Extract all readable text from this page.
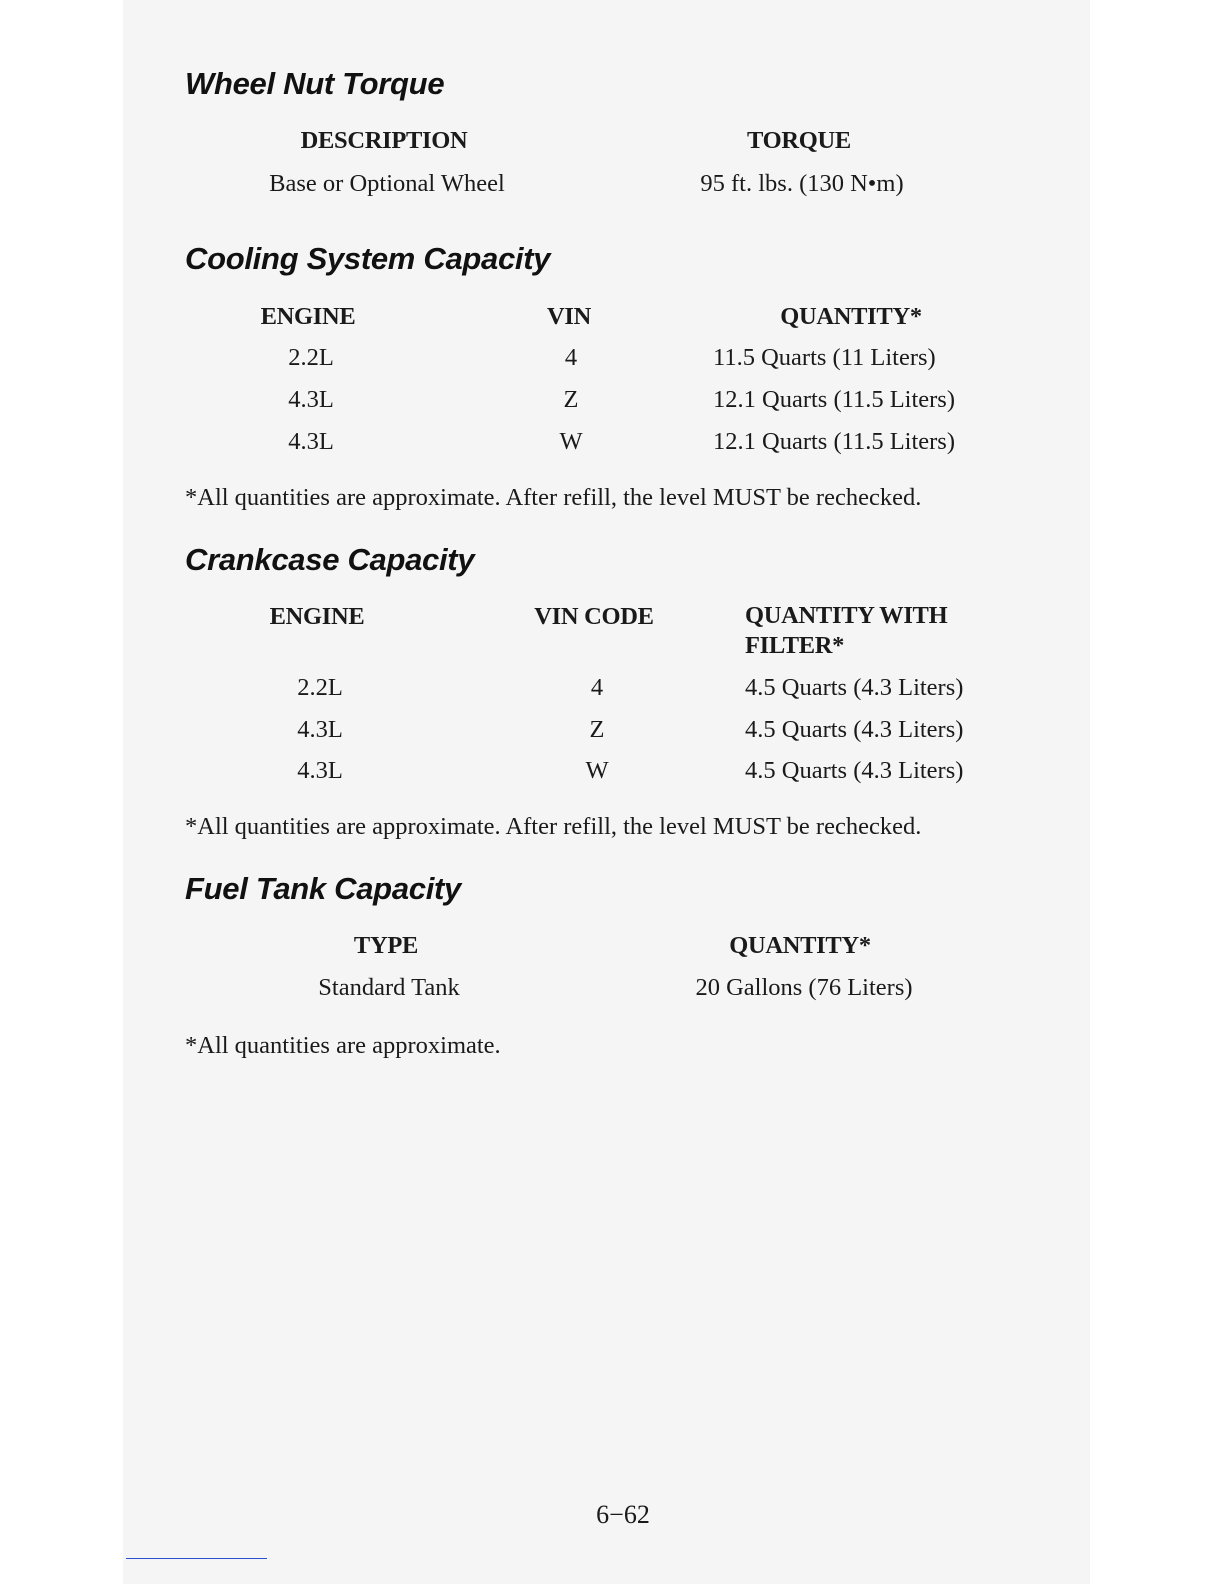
Wheel Nut Torque
DESCRIPTION	TORQUE
Base or Optional Wheel	95 ft. lbs. (130 N•m)
Cooling System Capacity
ENGINE	VIN	QUANTITY*
2.2L	4	11.5 Quarts (11 Liters)
4.3L	Z	12.1 Quarts (11.5 Liters)
4.3L	W	12.1 Quarts (11.5 Liters)
*All quantities are approximate. After refill, the level MUST be rechecked.
Crankcase Capacity
ENGINE	VIN CODE	QUANTITY WITH
FILTER*
2.2L	4	4.5 Quarts (4.3 Liters)
4.3L	Z	4.5 Quarts (4.3 Liters)
4.3L	W	4.5 Quarts (4.3 Liters)
*All quantities are approximate. After refill, the level MUST be rechecked.
Fuel Tank Capacity
TYPE	QUANTITY*
Standard Tank	20 Gallons (76 Liters)
*All quantities are approximate.
6−62
